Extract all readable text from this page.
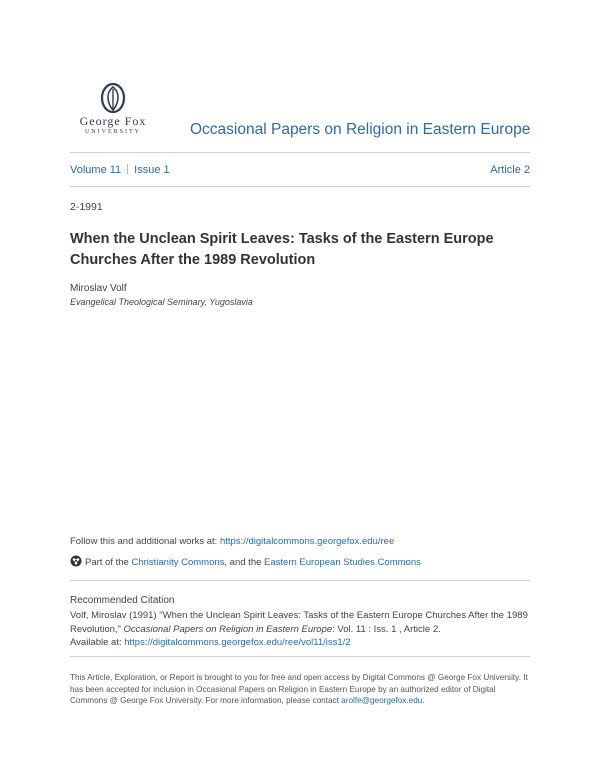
George Fox
UNIVERSITY	Occasional Papers on Religion in Eastern Europe
Volume 11 Issue 1	Article 2
2-1991
When the Unclean Spirit Leaves: Tasks of the Eastern Europe Churches After the 1989 Revolution
Miroslav Volf
Evangelical Theological Seminary, Yugoslavia
Follow this and additional works at: https://digitalcommons.georgefox.edu/ree
Part of the Christianity Commons, and the Eastern European Studies Commons
Recommended Citation
Volf, Miroslav (1991) "When the Unclean Spirit Leaves: Tasks of the Eastern Europe Churches After the 1989 Revolution," Occasional Papers on Religion in Eastern Europe: Vol. 11 : Iss. 1 , Article 2.
Available at: https://digitalcommons.georgefox.edu/ree/vol11/iss1/2
This Article, Exploration, or Report is brought to you for free and open access by Digital Commons @ George Fox University. It has been accepted for inclusion in Occasional Papers on Religion in Eastern Europe by an authorized editor of Digital Commons @ George Fox University. For more information, please contact arolfe@georgefox.edu.
